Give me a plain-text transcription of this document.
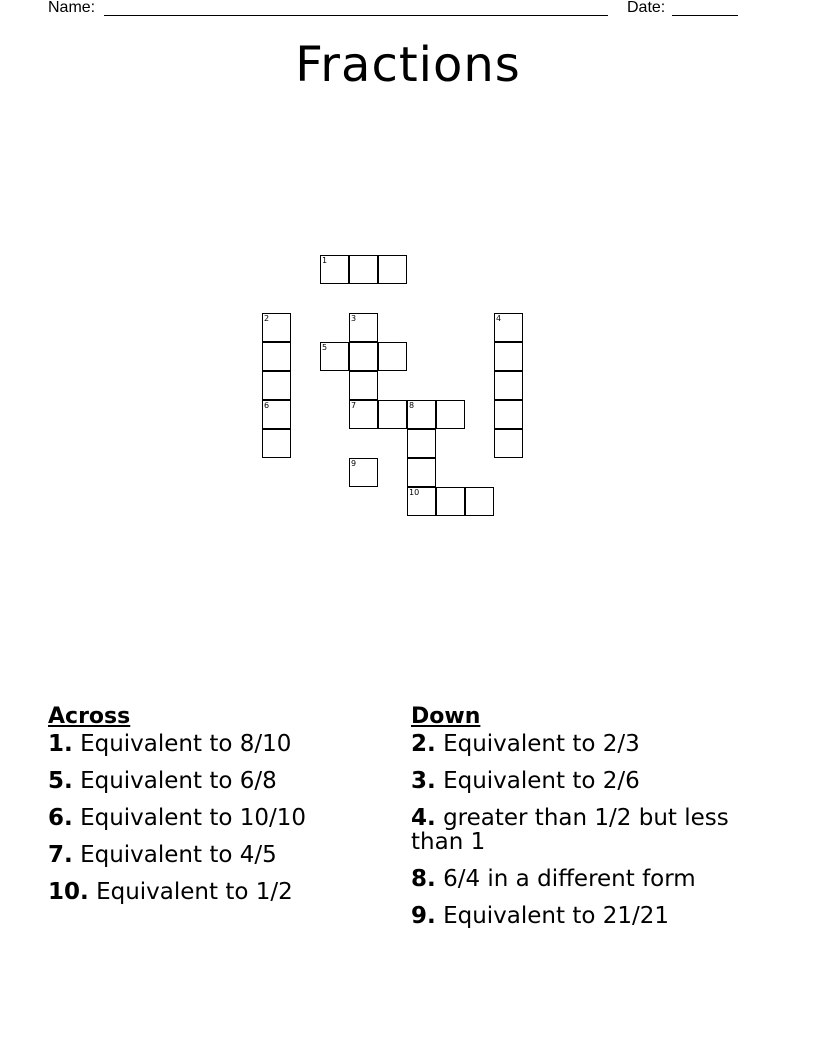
Name:	Date:
Fractions
1
2
6
3
7
5
8
10
9
4
Across
1. Equivalent to 8/10
5. Equivalent to 6/8
6. Equivalent to 10/10
7. Equivalent to 4/5
10. Equivalent to 1/2
Down
2. Equivalent to 2/3
3. Equivalent to 2/6
4. greater than 1/2 but less than 1
8. 6/4 in a different form
9. Equivalent to 21/21
